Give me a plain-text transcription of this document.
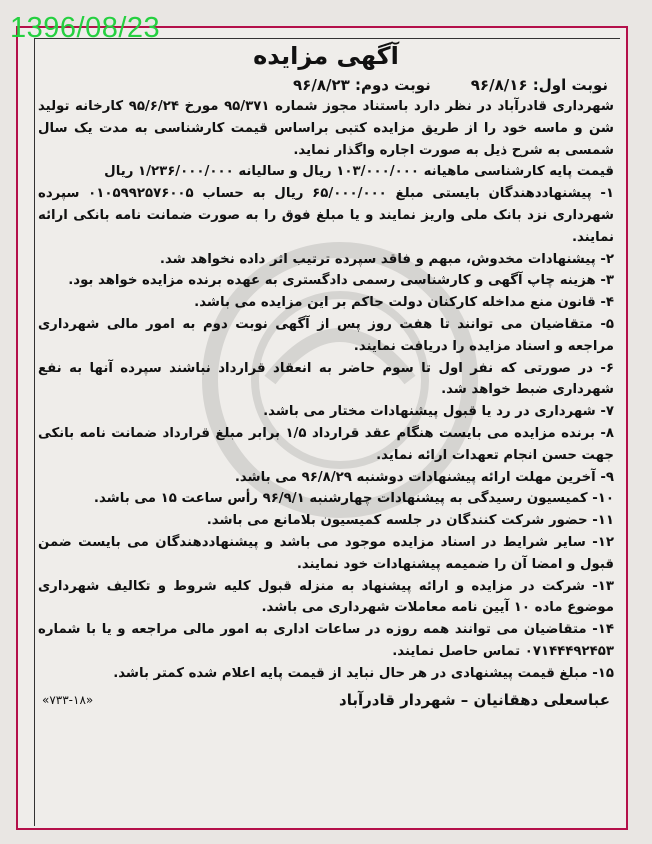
1396/08/23
آگهی مزایده
نوبت اول: ۹۶/۸/۱۶
نوبت دوم: ۹۶/۸/۲۳
شهرداری قادرآباد در نظر دارد باستناد مجوز شماره ۹۵/۳۷۱ مورخ ۹۵/۶/۲۴ کارخانه تولید شن و ماسه خود را از طریق مزایده کتبی براساس قیمت کارشناسی به مدت یک سال شمسی به شرح ذیل به صورت اجاره واگذار نماید.
قیمت پایه کارشناسی ماهیانه ۱۰۳/۰۰۰/۰۰۰ ریال و سالیانه ۱/۲۳۶/۰۰۰/۰۰۰ ریال
۱- پیشنهاددهندگان بایستی مبلغ ۶۵/۰۰۰/۰۰۰ ریال به حساب ۰۱۰۵۹۹۲۵۷۶۰۰۵ سپرده شهرداری نزد بانک ملی واریز نمایند و یا مبلغ فوق را به صورت ضمانت نامه بانکی ارائه نمایند.
۲- پیشنهادات مخدوش، مبهم و فاقد سپرده ترتیب اثر داده نخواهد شد.
۳- هزینه چاپ آگهی و کارشناسی رسمی دادگستری به عهده برنده مزایده خواهد بود.
۴- قانون منع مداخله کارکنان دولت حاکم بر این مزایده می باشد.
۵- متقاضیان می توانند تا هفت روز پس از آگهی نوبت دوم به امور مالی شهرداری مراجعه و اسناد مزایده را دریافت نمایند.
۶- در صورتی که نفر اول تا سوم حاضر به انعقاد قرارداد نباشند سپرده آنها به نفع شهرداری ضبط خواهد شد.
۷- شهرداری در رد یا قبول پیشنهادات مختار می باشد.
۸- برنده مزایده می بایست هنگام عقد قرارداد ۱/۵ برابر مبلغ قرارداد ضمانت نامه بانکی جهت حسن انجام تعهدات ارائه نماید.
۹- آخرین مهلت ارائه پیشنهادات دوشنبه ۹۶/۸/۲۹ می باشد.
۱۰- کمیسیون رسیدگی به پیشنهادات چهارشنبه ۹۶/۹/۱ رأس ساعت ۱۵ می باشد.
۱۱- حضور شرکت کنندگان در جلسه کمیسیون بلامانع می باشد.
۱۲- سایر شرایط در اسناد مزایده موجود می باشد و پیشنهاددهندگان می بایست ضمن قبول و امضا آن را ضمیمه پیشنهادات خود نمایند.
۱۳- شرکت در مزایده و ارائه پیشنهاد به منزله قبول کلیه شروط و تکالیف شهرداری موضوع ماده ۱۰ آیین نامه معاملات شهرداری می باشد.
۱۴- متقاضیان می توانند همه روزه در ساعات اداری به امور مالی مراجعه و یا با شماره ۰۷۱۴۴۴۹۲۴۵۳ تماس حاصل نمایند.
۱۵- مبلغ قیمت پیشنهادی در هر حال نباید از قیمت پایه اعلام شده کمتر باشد.
عباسعلی دهقانیان – شهردار قادرآباد
«۷۳۳-۱۸»
